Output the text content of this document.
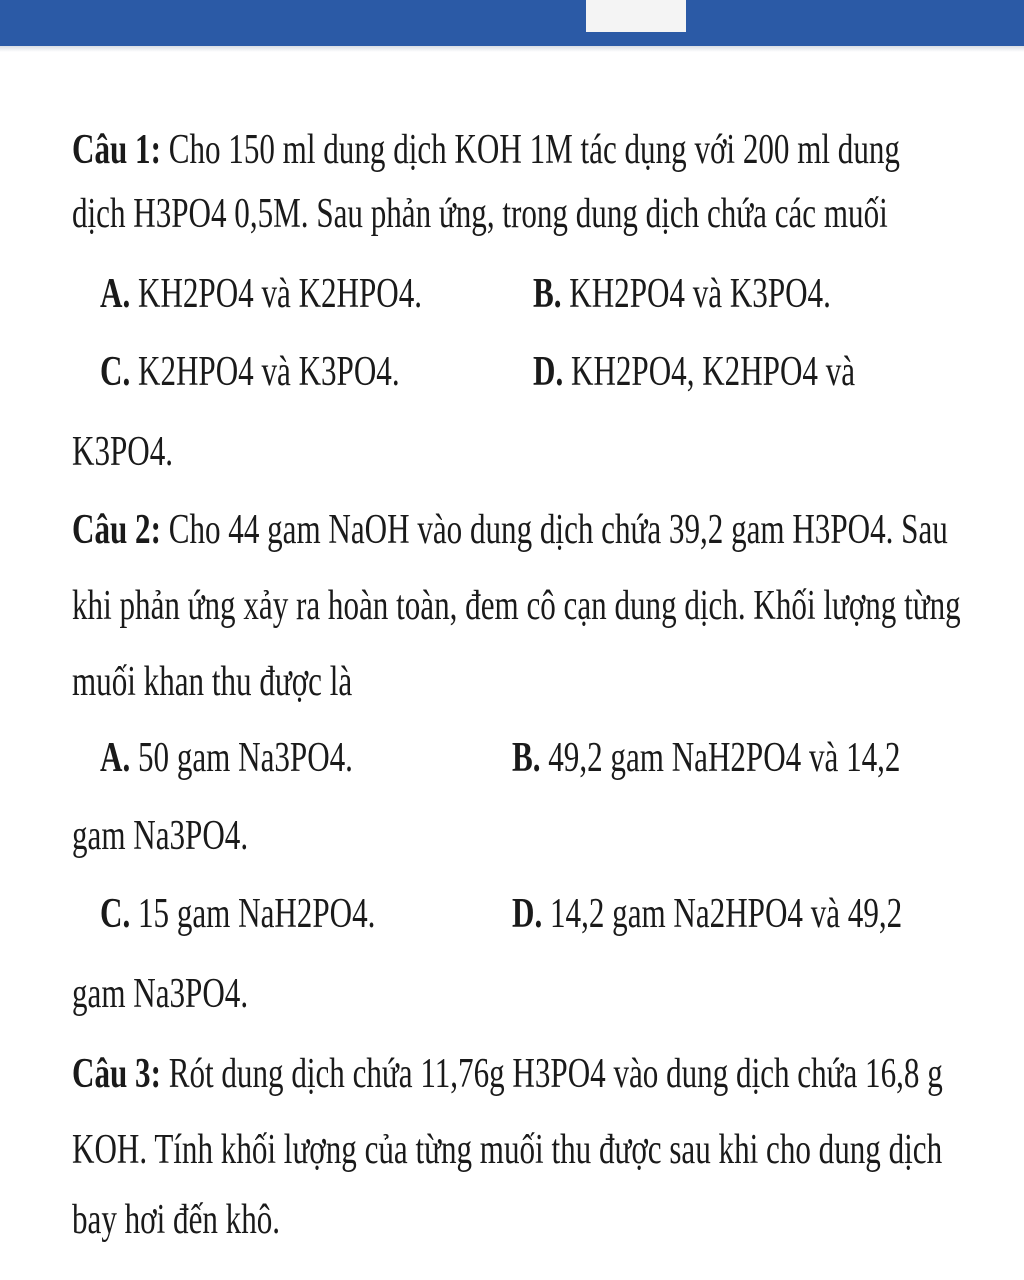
Câu 1: Cho 150 ml dung dịch KOH 1M tác dụng với 200 ml dung
dịch H3PO4 0,5M. Sau phản ứng, trong dung dịch chứa các muối
A. KH2PO4 và K2HPO4.	B. KH2PO4 và K3PO4.
C. K2HPO4 và K3PO4.	D. KH2PO4, K2HPO4 và
K3PO4.
Câu 2: Cho 44 gam NaOH vào dung dịch chứa 39,2 gam H3PO4. Sau
khi phản ứng xảy ra hoàn toàn, đem cô cạn dung dịch. Khối lượng từng
muối khan thu được là
A. 50 gam Na3PO4.	B. 49,2 gam NaH2PO4 và 14,2
gam Na3PO4.
C. 15 gam NaH2PO4.	D. 14,2 gam Na2HPO4 và 49,2
gam Na3PO4.
Câu 3: Rót dung dịch chứa 11,76g H3PO4 vào dung dịch chứa 16,8 g
KOH. Tính khối lượng của từng muối thu được sau khi cho dung dịch
bay hơi đến khô.
